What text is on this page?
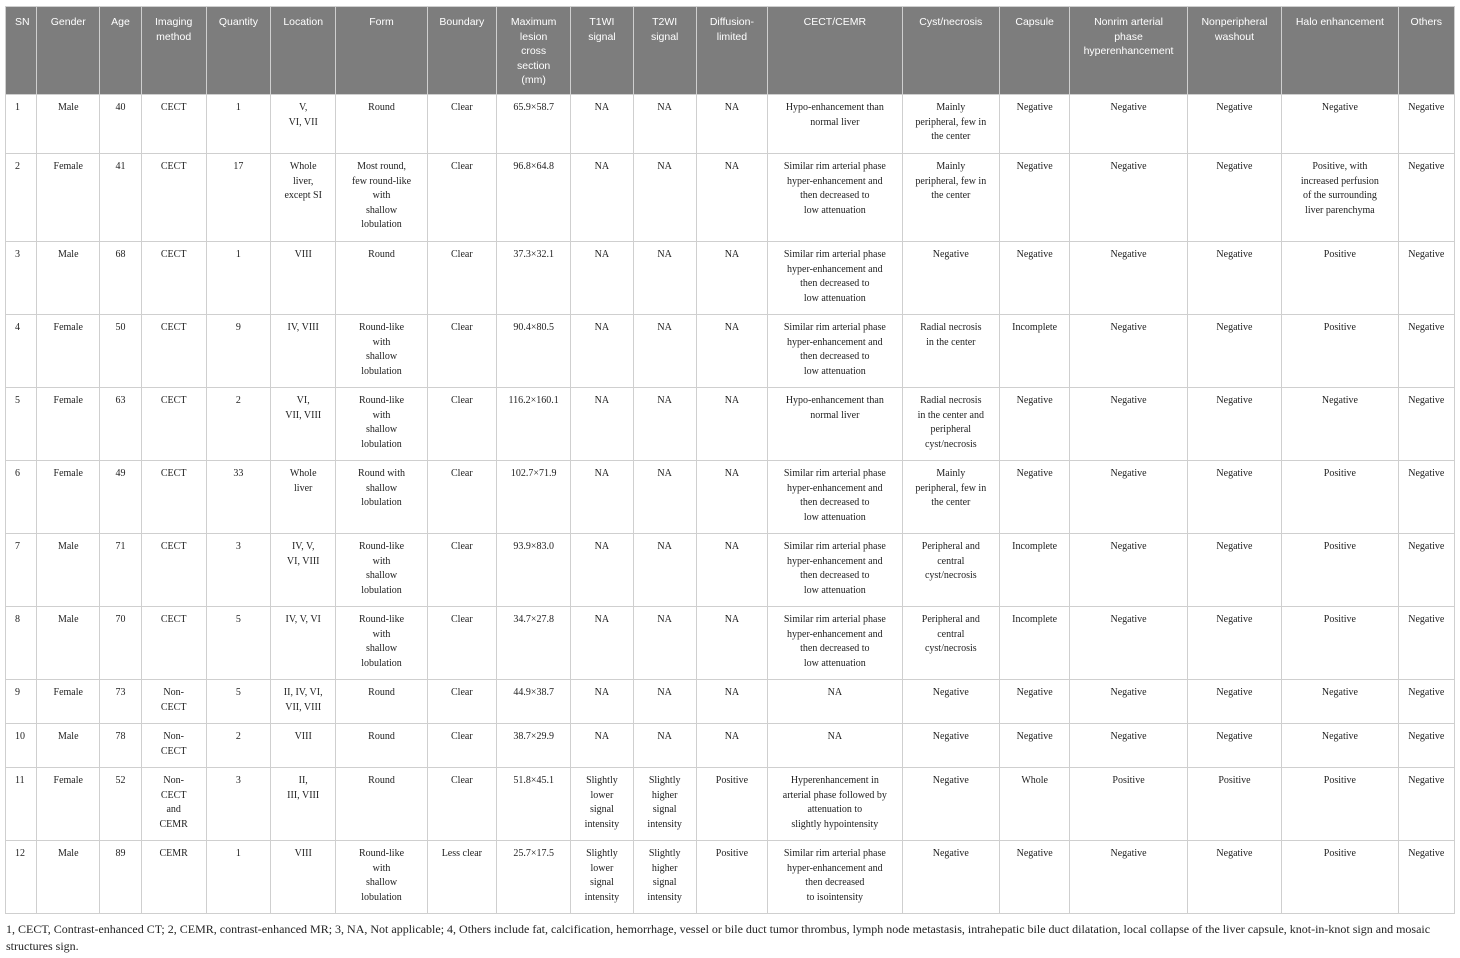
SN	Gender	Age	Imaging
method	Quantity	Location	Form	Boundary	Maximum
lesion
cross
section
(mm)	T1WI
signal	T2WI
signal	Diffusion-
limited	CECT/CEMR	Cyst/necrosis	Capsule	Nonrim arterial
phase
hyperenhancement	Nonperipheral
washout	Halo enhancement	Others

1	Male	40	CECT	1	V,
VI, VII	Round	Clear	65.9×58.7	NA	NA	NA	Hypo-enhancement than
normal liver	Mainly
peripheral, few in
the center	Negative	Negative	Negative	Negative	Negative

2	Female	41	CECT	17	Whole
liver,
except SI	Most round,
few round-like
with
shallow
lobulation	Clear	96.8×64.8	NA	NA	NA	Similar rim arterial phase
hyper-enhancement and
then decreased to
low attenuation	Mainly
peripheral, few in
the center	Negative	Negative	Negative	Positive, with
increased perfusion
of the surrounding
liver parenchyma	Negative

3	Male	68	CECT	1	VIII	Round	Clear	37.3×32.1	NA	NA	NA	Similar rim arterial phase
hyper-enhancement and
then decreased to
low attenuation	Negative	Negative	Negative	Negative	Positive	Negative

4	Female	50	CECT	9	IV, VIII	Round-like
with
shallow
lobulation	Clear	90.4×80.5	NA	NA	NA	Similar rim arterial phase
hyper-enhancement and
then decreased to
low attenuation	Radial necrosis
in the center	Incomplete	Negative	Negative	Positive	Negative

5	Female	63	CECT	2	VI,
VII, VIII	Round-like
with
shallow
lobulation	Clear	116.2×160.1	NA	NA	NA	Hypo-enhancement than
normal liver	Radial necrosis
in the center and
peripheral
cyst/necrosis	Negative	Negative	Negative	Negative	Negative

6	Female	49	CECT	33	Whole
liver	Round with
shallow
lobulation	Clear	102.7×71.9	NA	NA	NA	Similar rim arterial phase
hyper-enhancement and
then decreased to
low attenuation	Mainly
peripheral, few in
the center	Negative	Negative	Negative	Positive	Negative

7	Male	71	CECT	3	IV, V,
VI, VIII	Round-like
with
shallow
lobulation	Clear	93.9×83.0	NA	NA	NA	Similar rim arterial phase
hyper-enhancement and
then decreased to
low attenuation	Peripheral and
central
cyst/necrosis	Incomplete	Negative	Negative	Positive	Negative

8	Male	70	CECT	5	IV, V, VI	Round-like
with
shallow
lobulation	Clear	34.7×27.8	NA	NA	NA	Similar rim arterial phase
hyper-enhancement and
then decreased to
low attenuation	Peripheral and
central
cyst/necrosis	Incomplete	Negative	Negative	Positive	Negative

9	Female	73	Non-
CECT	5	II, IV, VI,
VII, VIII	Round	Clear	44.9×38.7	NA	NA	NA	NA	Negative	Negative	Negative	Negative	Negative	Negative

10	Male	78	Non-
CECT	2	VIII	Round	Clear	38.7×29.9	NA	NA	NA	NA	Negative	Negative	Negative	Negative	Negative	Negative

11	Female	52	Non-
CECT
and
CEMR	3	II,
III, VIII	Round	Clear	51.8×45.1	Slightly
lower
signal
intensity	Slightly
higher
signal
intensity	Positive	Hyperenhancement in
arterial phase followed by
attenuation to
slightly hypointensity	Negative	Whole	Positive	Positive	Positive	Negative

12	Male	89	CEMR	1	VIII	Round-like
with
shallow
lobulation	Less clear	25.7×17.5	Slightly
lower
signal
intensity	Slightly
higher
signal
intensity	Positive	Similar rim arterial phase
hyper-enhancement and
then decreased
to isointensity	Negative	Negative	Negative	Negative	Positive	Negative
1, CECT, Contrast-enhanced CT; 2, CEMR, contrast-enhanced MR; 3, NA, Not applicable; 4, Others include fat, calcification, hemorrhage, vessel or bile duct tumor thrombus, lymph node metastasis, intrahepatic bile duct dilatation, local collapse of the liver capsule, knot-in-knot sign and mosaic structures sign.
